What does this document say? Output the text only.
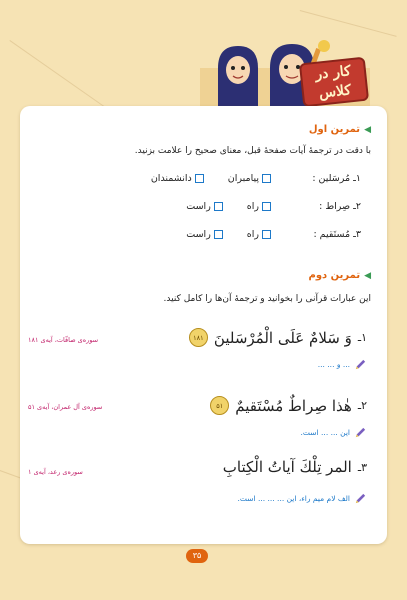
کار در
کلاس
◀
تمرین اول
با دقت در ترجمهٔ آیات صفحهٔ قبل، معنای صحیح را علامت بزنید.
۱ـ مُرسَلین :
پیامبران
دانشمندان
۲ـ صِراط :
راه
راست
۳ـ مُستَقیم :
راه
راست
◀
تمرین دوم
این عبارات قرآنی را بخوانید و ترجمهٔ آن‌ها را کامل کنید.
۱ـ
وَ سَلامٌ عَلَی الْمُرْسَلینَ
۱۸۱
سوره‌ی صافّات، آیه‌ی ۱۸۱
... و ... ...
۲ـ
هٰذا صِراطٌ مُسْتَقیمٌ
۵۱
سوره‌ی آل عمران، آیه‌ی ۵۱
این ... ... است.
۳ـ
المر تِلْكَ آیاتُ الْكِتابِ
سوره‌ی رعد، آیه‌ی ۱
الف لام میم راء، این ... ... ... است.
۳۵
